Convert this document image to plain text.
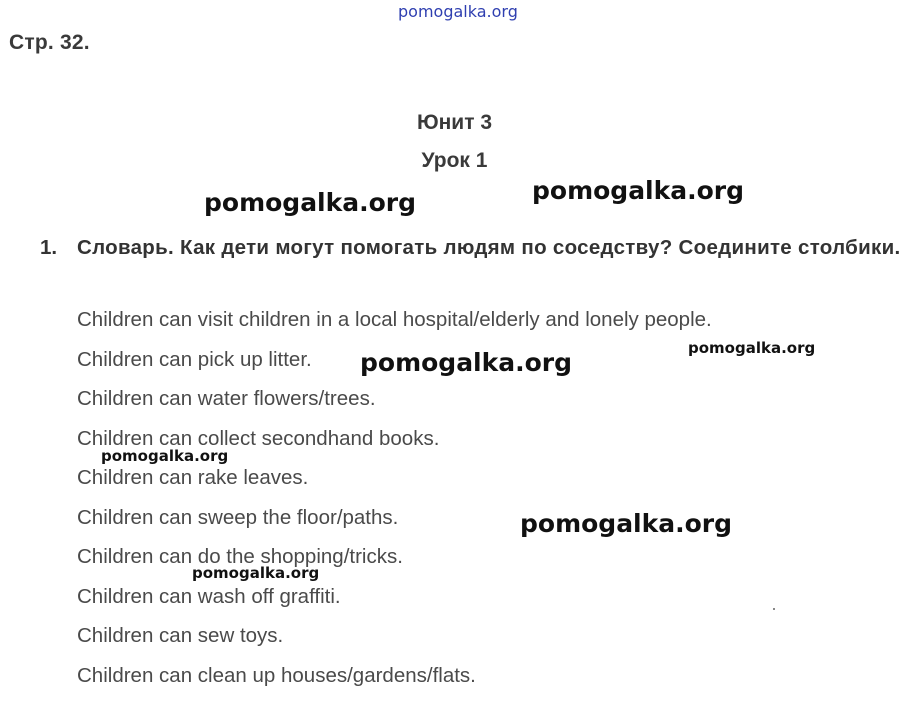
pomogalka.org
Стр. 32.
Юнит 3
Урок 1
pomogalka.org	pomogalka.org
1. Словарь. Как дети могут помогать людям по соседству? Соедините столбики.
Children can visit children in a local hospital/elderly and lonely people.
Children can pick up litter.
Children can water flowers/trees.
Children can collect secondhand books.
Children can rake leaves.
Children can sweep the floor/paths.
Children can do the shopping/tricks.
Children can wash off graffiti.
Children can sew toys.
Children can clean up houses/gardens/flats.
pomogalka.org	pomogalka.org
pomogalka.org
pomogalka.org
pomogalka.org
